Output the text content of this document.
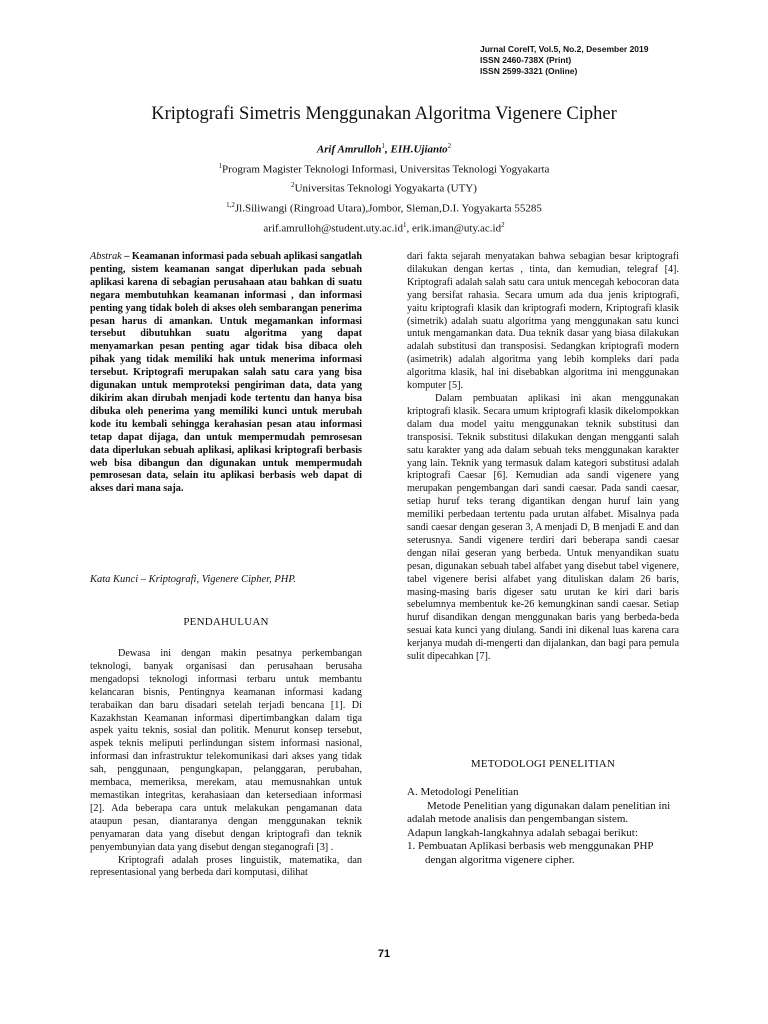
Jurnal CoreIT, Vol.5, No.2, Desember 2019
ISSN 2460-738X (Print)
ISSN 2599-3321 (Online)
Kriptografi Simetris Menggunakan Algoritma Vigenere Cipher
Arif Amrulloh$^1$, EIH.Ujianto$^2$
$^1$Program Magister Teknologi Informasi, Universitas Teknologi Yogyakarta
$^2$Universitas Teknologi Yogyakarta (UTY)
$^{1,2}$Jl.Siliwangi (Ringroad Utara),Jombor, Sleman,D.I. Yogyakarta 55285
$arif.amrulloh@student.uty.ac.id^1$, $erik.iman@uty.ac.id^2$

Abstrak – Keamanan informasi pada sebuah aplikasi sangatlah penting, sistem keamanan sangat diperlukan pada sebuah aplikasi karena di sebagian perusahaan atau bahkan di suatu negara membutuhkan keamanan informasi , dan informasi penting yang tidak boleh di akses oleh sembarangan penerima pesan harus di amankan. Untuk megamankan informasi tersebut dibutuhkan suatu algoritma yang dapat menyamarkan pesan penting agar tidak bisa dibaca oleh pihak yang tidak memiliki hak untuk menerima informasi tersebut. Kriptografi merupakan salah satu cara yang bisa digunakan untuk memproteksi pengiriman data, data yang dikirim akan dirubah menjadi kode tertentu dan hanya bisa dibuka oleh penerima yang memiliki kunci untuk merubah kode itu kembali sehingga kerahasian pesan atau informasi tetap dapat dijaga, dan untuk mempermudah pemrosesan data diperlukan sebuah aplikasi, aplikasi kriptografi berbasis web bisa dibangun dan digunakan untuk mempermudah pemrosesan data, selain itu aplikasi berbasis web dapat di akses dari mana saja.

Kata Kunci – Kriptografi, Vigenere Cipher, PHP.
PENDAHULUAN

Dewasa ini dengan makin pesatnya perkembangan teknologi, banyak organisasi dan perusahaan berusaha mengadopsi teknologi informasi terbaru untuk membantu kelancaran bisnis, Pentingnya keamanan informasi kadang terabaikan dan baru disadari setelah terjadi bencana [1]. Di Kazakhstan Keamanan informasi dipertimbangkan dalam tiga aspek yaitu teknis, sosial dan politik. Menurut konsep tersebut, aspek teknis meliputi perlindungan sistem informasi nasional, informasi dan infrastruktur telekomunikasi dari akses yang tidak sah, penggunaan, pengungkapan, pelanggaran, perubahan, membaca, memeriksa, merekam, atau memusnahkan untuk memastikan integritas, kerahasiaan dan ketersediaan informasi [2]. Ada beberapa cara untuk melakukan pengamanan data ataupun pesan, diantaranya dengan menggunakan teknik penyamaran data yang disebut dengan kriptografi dan teknik penyembunyian data yang disebut dengan steganografi [3] .

Kriptografi adalah proses linguistik, matematika, dan representasional yang berbeda dari komputasi, dilihat

dari fakta sejarah menyatakan bahwa sebagian besar kriptografi dilakukan dengan kertas , tinta, dan kemudian, telegraf [4]. Kriptografi adalah salah satu cara untuk mencegah kebocoran data yang bersifat rahasia. Secara umum ada dua jenis kriptografi, yaitu kriptografi klasik dan kriptografi modern, Kriptografi klasik (simetrik) adalah suatu algoritma yang menggunakan satu kunci untuk mengamankan data. Dua teknik dasar yang biasa dilakukan adalah substitusi dan transposisi. Sedangkan kriptografi modern (asimetrik) adalah algoritma yang lebih kompleks dari pada algoritma klasik, hal ini disebabkan algoritma ini menggunakan komputer [5].

Dalam pembuatan aplikasi ini akan menggunakan kriptografi klasik. Secara umum kriptografi klasik dikelompokkan dalam dua model yaitu menggunakan teknik substitusi dan transposisi. Teknik substitusi dilakukan dengan mengganti salah satu karakter yang ada dalam sebuah teks menggunakan karakter yang lain. Teknik yang termasuk dalam kategori substitusi adalah kriptografi Caesar [6]. Kemudian ada sandi vigenere yang merupakan pengembangan dari sandi caesar. Pada sandi caesar, setiap huruf teks terang digantikan dengan huruf lain yang memiliki perbedaan tertentu pada urutan alfabet. Misalnya pada sandi caesar dengan geseran 3, A menjadi D, B menjadi E and dan seterusnya. Sandi vigenere terdiri dari beberapa sandi caesar dengan nilai geseran yang berbeda. Untuk menyandikan suatu pesan, digunakan sebuah tabel alfabet yang disebut tabel vigenere, tabel vigenere berisi alfabet yang dituliskan dalam 26 baris, masing-masing baris digeser satu urutan ke kiri dari baris sebelumnya membentuk ke-26 kemungkinan sandi caesar. Setiap huruf disandikan dengan menggunakan baris yang berbeda-beda sesuai kata kunci yang diulang. Sandi ini dikenal luas karena cara kerjanya mudah di-mengerti dan dijalankan, dan bagi para pemula sulit dipecahkan [7].

METODOLOGI PENELITIAN
A. Metodologi Penelitian
Metode Penelitian yang digunakan dalam penelitian ini adalah metode analisis dan pengembangan sistem.
Adapun langkah-langkahnya adalah sebagai berikut:
1. Pembuatan Aplikasi berbasis web menggunakan PHP dengan algoritma vigenere cipher.
71
